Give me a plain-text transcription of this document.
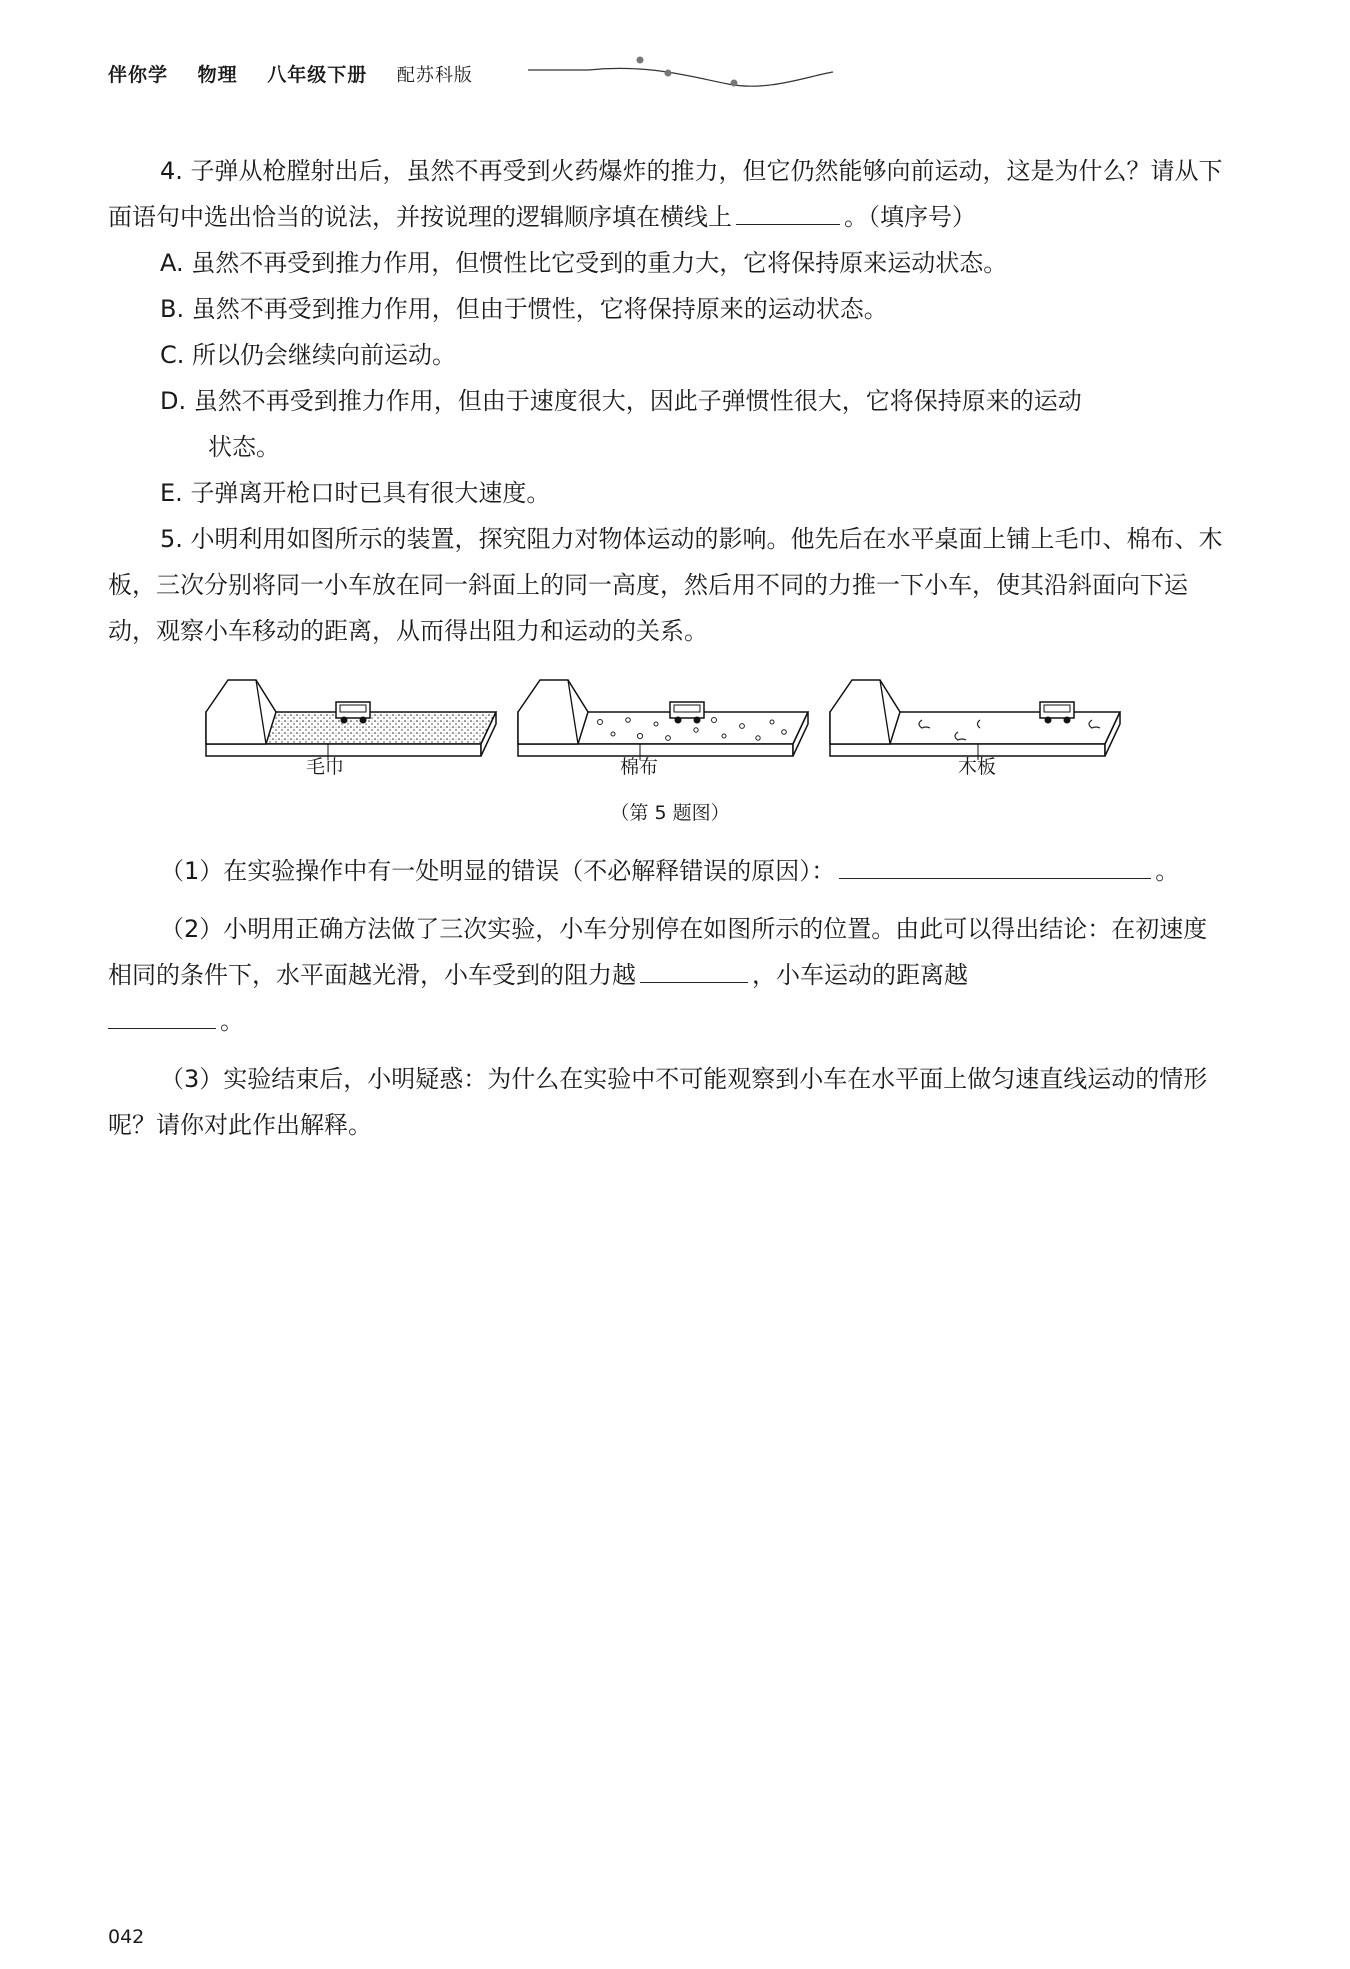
伴你学 物理 八年级下册 配苏科版

4. 子弹从枪膛射出后，虽然不再受到火药爆炸的推力，但它仍然能够向前运动，这是为什么？请从下面语句中选出恰当的说法，并按说理的逻辑顺序填在横线上	。（填序号）

A. 虽然不再受到推力作用，但惯性比它受到的重力大，它将保持原来运动状态。

B. 虽然不再受到推力作用，但由于惯性，它将保持原来的运动状态。

C. 所以仍会继续向前运动。

D. 虽然不再受到推力作用，但由于速度很大，因此子弹惯性很大，它将保持原来的运动

状态。

E. 子弹离开枪口时已具有很大速度。

5. 小明利用如图所示的装置，探究阻力对物体运动的影响。他先后在水平桌面上铺上毛巾、棉布、木板，三次分别将同一小车放在同一斜面上的同一高度，然后用不同的力推一下小车，使其沿斜面向下运动，观察小车移动的距离，从而得出阻力和运动的关系。

毛巾	棉布	木板
（第 5 题图）

（1）在实验操作中有一处明显的错误（不必解释错误的原因）：	。

（2）小明用正确方法做了三次实验，小车分别停在如图所示的位置。由此可以得出结论：在初速度相同的条件下，水平面越光滑，小车受到的阻力越	，小车运动的距离越
。

（3）实验结束后，小明疑惑：为什么在实验中不可能观察到小车在水平面上做匀速直线运动的情形呢？请你对此作出解释。

042
